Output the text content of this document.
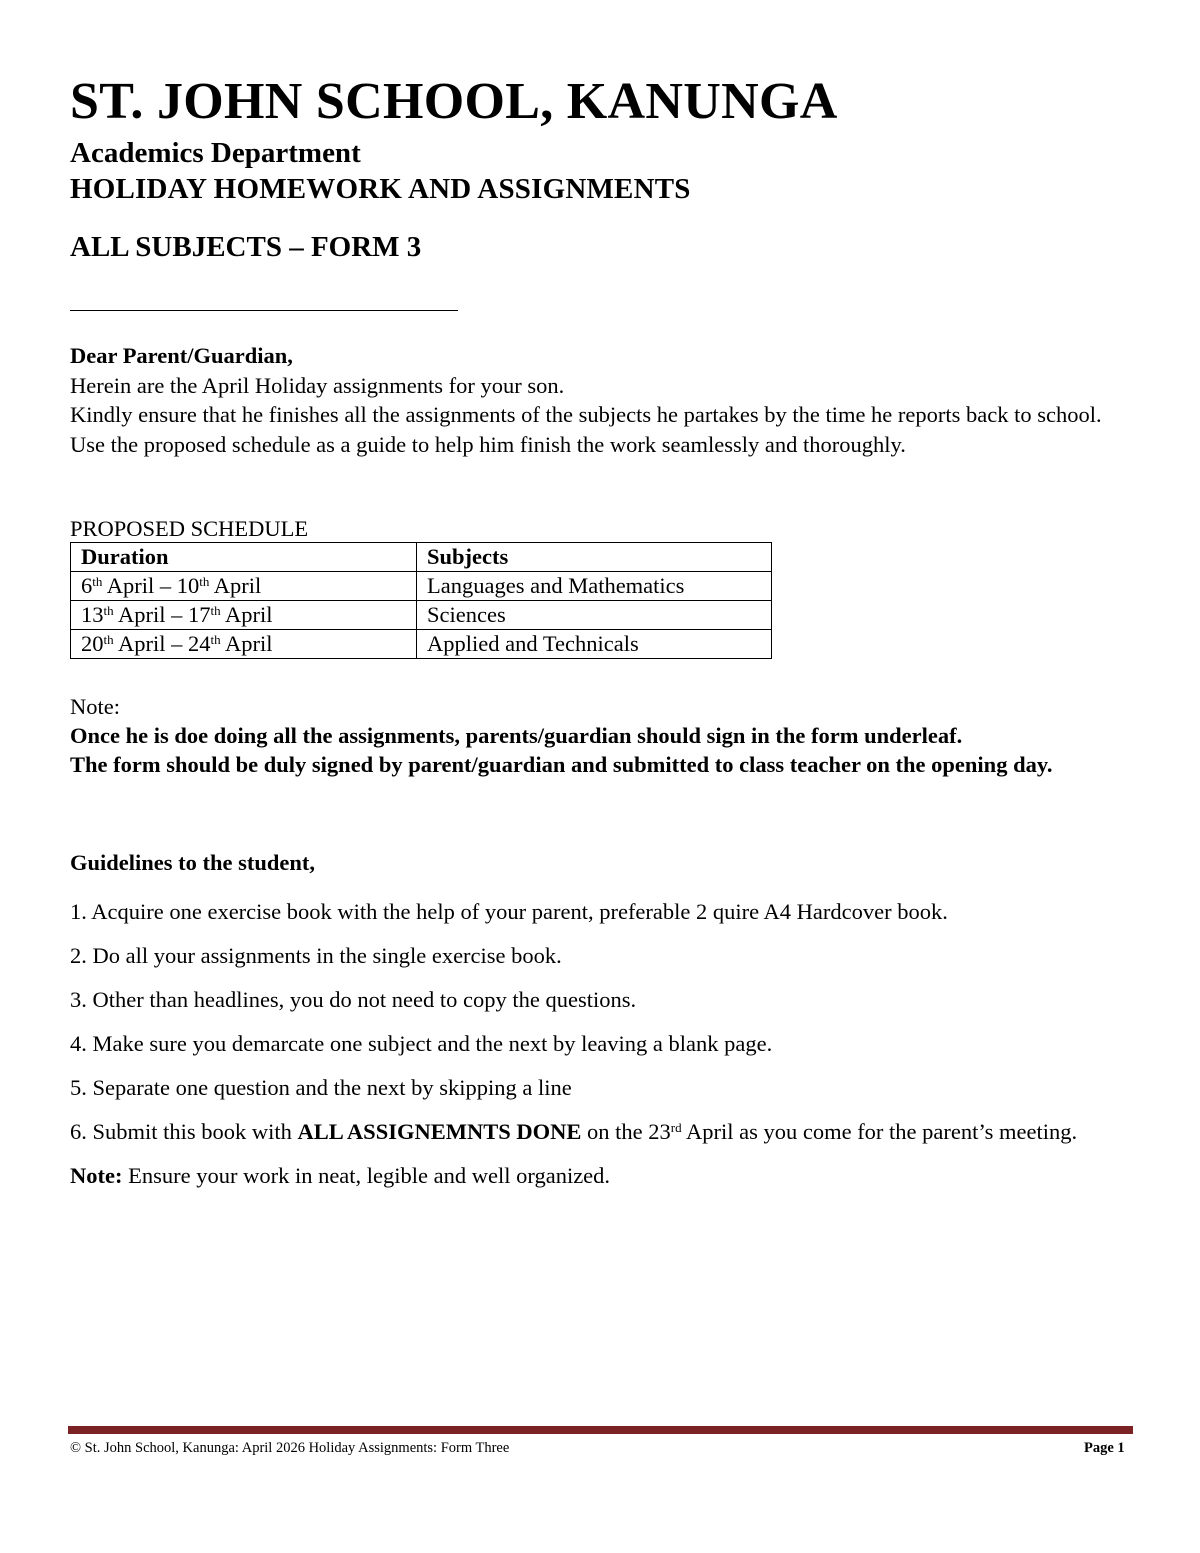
ST. JOHN SCHOOL, KANUNGA
Academics Department
HOLIDAY HOMEWORK AND ASSIGNMENTS
ALL SUBJECTS – FORM 3

Dear Parent/Guardian,

Herein are the April Holiday assignments for your son.

Kindly ensure that he finishes all the assignments of the subjects he partakes by the time he reports back to school. Use the proposed schedule as a guide to help him finish the work seamlessly and thoroughly.

PROPOSED SCHEDULE
Duration	Subjects
6th April – 10th April	Languages and Mathematics
13th April – 17th April	Sciences
20th April – 24th April	Applied and Technicals

Note:

Once he is doe doing all the assignments, parents/guardian should sign in the form underleaf.

The form should be duly signed by parent/guardian and submitted to class teacher on the opening day.

Guidelines to the student,

1. Acquire one exercise book with the help of your parent, preferable 2 quire A4 Hardcover book.

2. Do all your assignments in the single exercise book.

3. Other than headlines, you do not need to copy the questions.

4. Make sure you demarcate one subject and the next by leaving a blank page.

5. Separate one question and the next by skipping a line

6. Submit this book with ALL ASSIGNEMNTS DONE on the 23rd April as you come for the parent’s meeting.

Note: Ensure your work in neat, legible and well organized.

© St. John School, Kanunga: April 2026 Holiday Assignments: Form Three	Page 1
